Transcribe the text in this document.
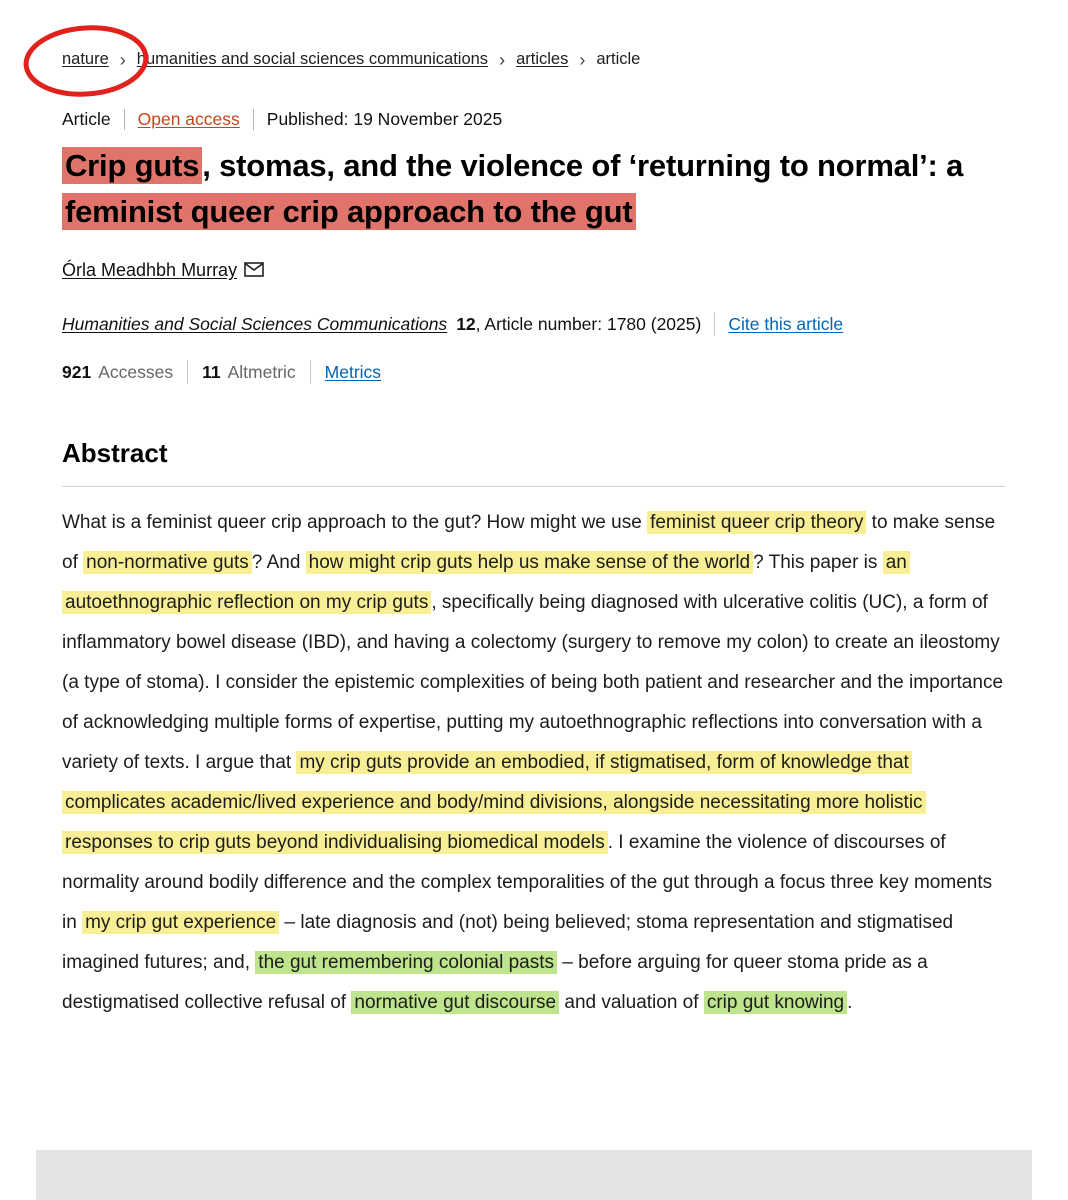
nature › humanities and social sciences communications › articles › article
Article Open access Published: 19 November 2025
Crip guts, stomas, and the violence of ‘returning to normal’: a feminist queer crip approach to the gut
Órla Meadhbh Murray
Humanities and Social Sciences Communications 12 , Article number: 1780 (2025) Cite this article
921 Accesses 11 Altmetric Metrics
Abstract

What is a feminist queer crip approach to the gut? How might we use feminist queer crip theory to make sense of non-normative guts ? And how might crip guts help us make sense of the world ? This paper is an autoethnographic reflection on my crip guts , specifically being diagnosed with ulcerative colitis (UC), a form of inflammatory bowel disease (IBD), and having a colectomy (surgery to remove my colon) to create an ileostomy (a type of stoma). I consider the epistemic complexities of being both patient and researcher and the importance of acknowledging multiple forms of expertise, putting my autoethnographic reflections into conversation with a variety of texts. I argue that my crip guts provide an embodied, if stigmatised, form of knowledge that complicates academic/lived experience and body/mind divisions, alongside necessitating more holistic responses to crip guts beyond individualising biomedical models . I examine the violence of discourses of normality around bodily difference and the complex temporalities of the gut through a focus three key moments in my crip gut experience – late diagnosis and (not) being believed; stoma representation and stigmatised imagined futures; and, the gut remembering colonial pasts – before arguing for queer stoma pride as a destigmatised collective refusal of normative gut discourse and valuation of crip gut knowing .
